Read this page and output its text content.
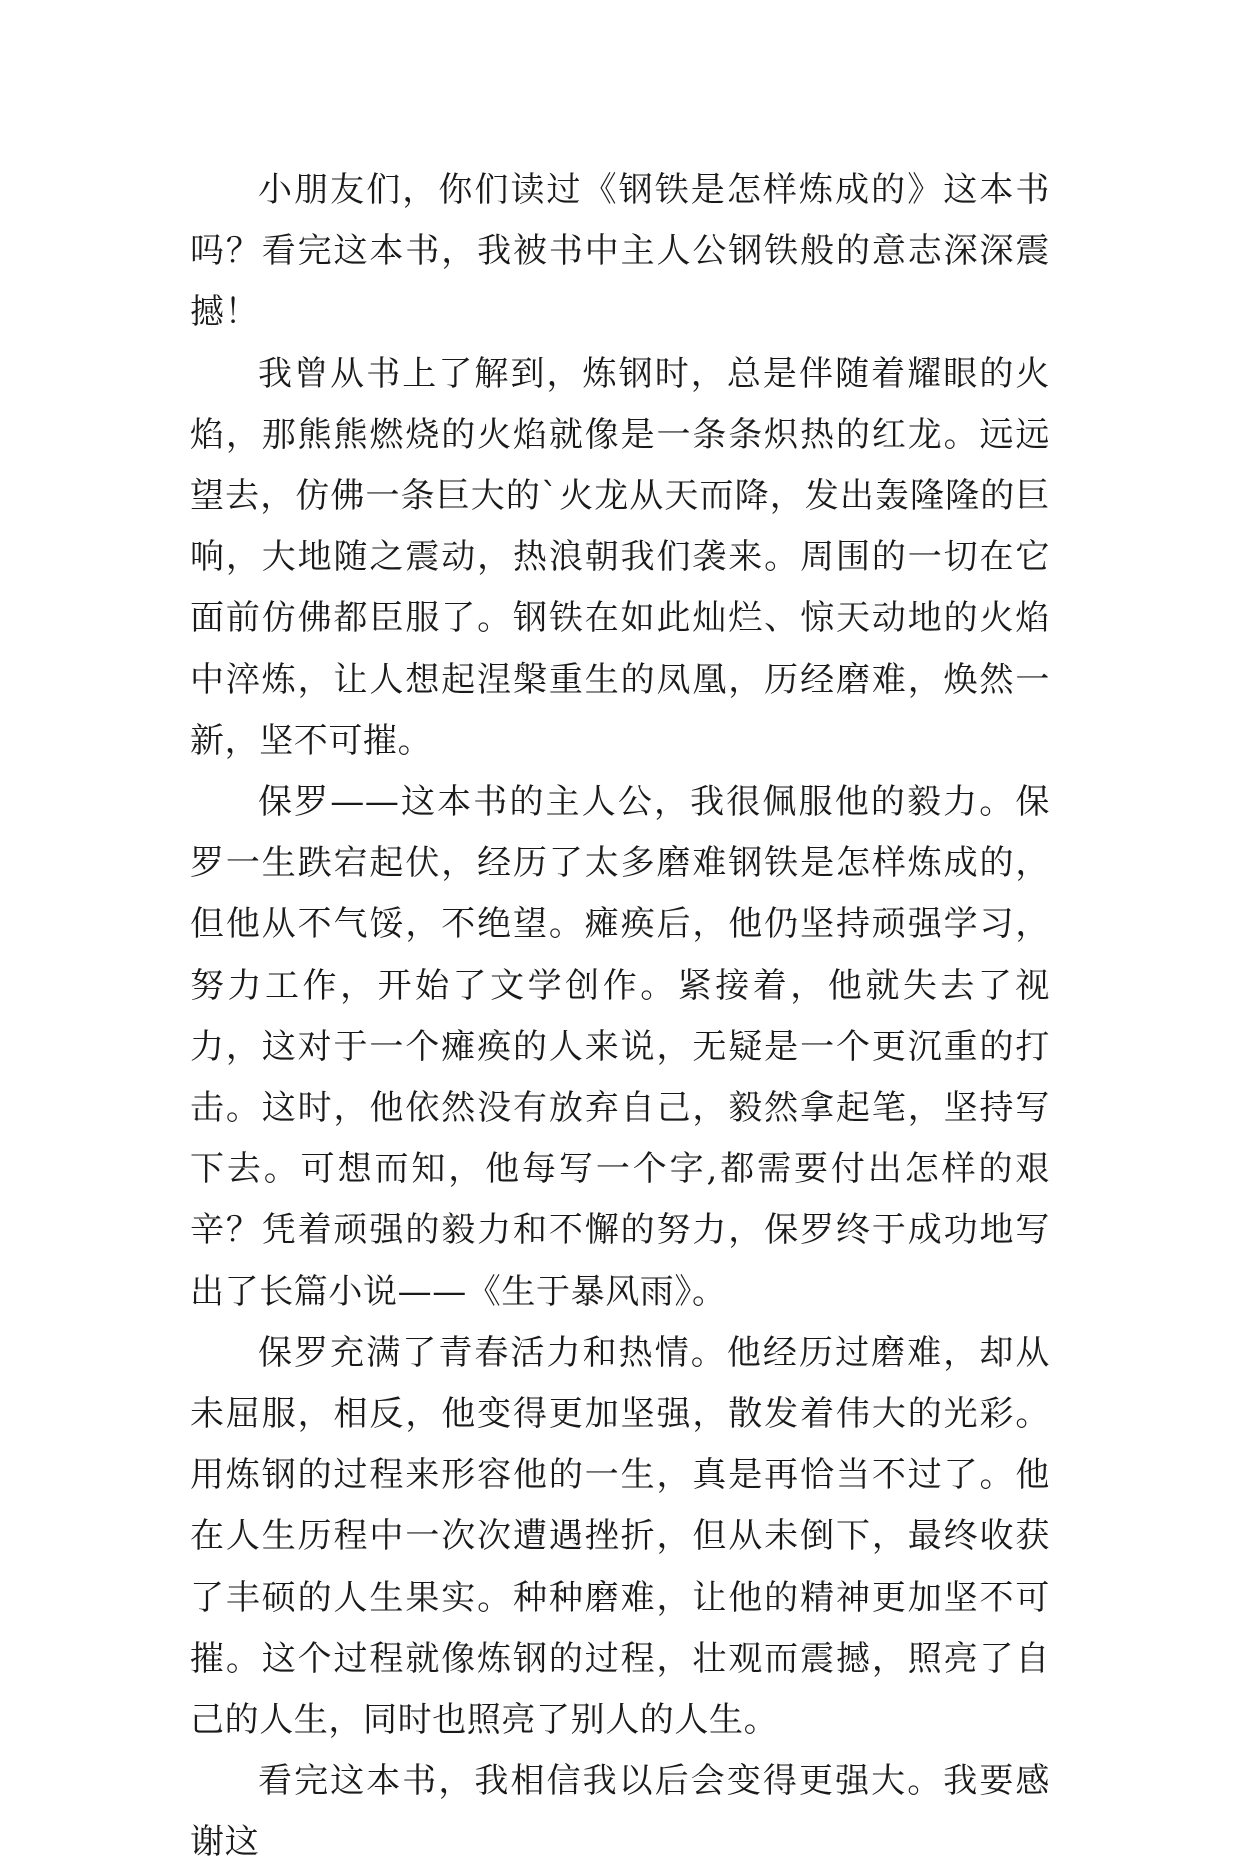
小朋友们，你们读过《钢铁是怎样炼成的》这本书吗？看完这本书，我被书中主人公钢铁般的意志深深震撼！

我曾从书上了解到，炼钢时，总是伴随着耀眼的火焰，那熊熊燃烧的火焰就像是一条条炽热的红龙。远远望去，仿佛一条巨大的`火龙从天而降，发出轰隆隆的巨响，大地随之震动，热浪朝我们袭来。周围的一切在它面前仿佛都臣服了。钢铁在如此灿烂、惊天动地的火焰中淬炼，让人想起涅槃重生的凤凰，历经磨难，焕然一新，坚不可摧。

保罗——这本书的主人公，我很佩服他的毅力。保罗一生跌宕起伏，经历了太多磨难钢铁是怎样炼成的，但他从不气馁，不绝望。瘫痪后，他仍坚持顽强学习，努力工作，开始了文学创作。紧接着，他就失去了视力，这对于一个瘫痪的人来说，无疑是一个更沉重的打击。这时，他依然没有放弃自己，毅然拿起笔，坚持写下去。可想而知，他每写一个字,都需要付出怎样的艰辛？凭着顽强的毅力和不懈的努力，保罗终于成功地写出了长篇小说——《生于暴风雨》。

保罗充满了青春活力和热情。他经历过磨难，却从未屈服，相反，他变得更加坚强，散发着伟大的光彩。用炼钢的过程来形容他的一生，真是再恰当不过了。他在人生历程中一次次遭遇挫折，但从未倒下，最终收获了丰硕的人生果实。种种磨难，让他的精神更加坚不可摧。这个过程就像炼钢的过程，壮观而震撼，照亮了自己的人生，同时也照亮了别人的人生。

看完这本书，我相信我以后会变得更强大。我要感谢这
